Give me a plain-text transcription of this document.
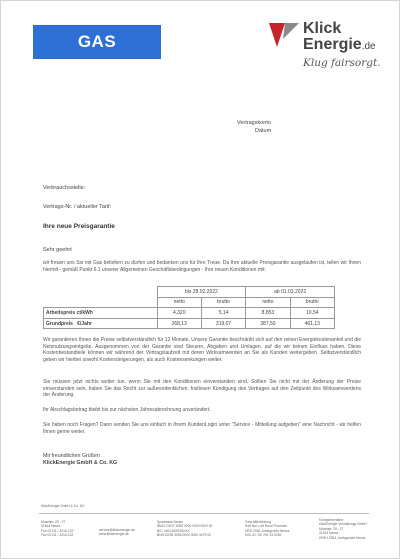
GAS
Klick
Energie.de
Klug fairsorgt.
Vertragskonto
Datum
Verbrauchsstelle:
Vertrags-Nr. / aktueller Tarif:
Ihre neue Preisgarantie
Sehr geehrt
wir freuen uns Sie mit Gas beliefern zu dürfen und bedanken uns für Ihre Treue. Da Ihre aktuelle Preisgarantie ausgelaufen ist, teilen wir Ihnen hiermit - gemäß Punkt 6.1 unserer Allgemeinen Geschäftsbedingungen - Ihre neuen Konditionen mit:
	bis 28.02.2022		ab 01.03.2022	
	netto	brutto	netto	brutto
Arbeitspreis ct/kWh	4,320	5,14	8,853	10,54
Grundpreis   €/Jahr	268,13	319,07	387,50	461,13
Wir garantieren Ihnen die Preise selbstverständlich für 12 Monate. Unsere Garantie beschränkt sich auf den reinen Energiekostenanteil und die Netznutzungsentgelte. Ausgenommen von der Garantie sind Steuern, Abgaben und Umlagen, auf die wir keinen Einfluss haben. Diese Kostenbestandteile können wir während der Vertragslaufzeit mit deren Wirksamwerden an Sie als Kunden weitergeben. Selbstverständlich geben wir hierbei sowohl Kostensteigerungen, als auch Kostensenkungen weiter.
Sie müssen jetzt nichts weiter tun, wenn Sie mit den Konditionen einverstanden sind. Sollten Sie nicht mit der Änderung der Preise einverstanden sein, haben Sie das Recht zur außerordentlichen, fristlosen Kündigung des Vertrages auf den Zeitpunkt des Wirksamwerdens der Änderung.
Ihr Abschlagsbetrag bleibt bis zur nächsten Jahresabrechnung unverändert.
Sie haben noch Fragen? Dann senden Sie uns einfach in Ihrem KundenLogin unter "Service - Mitteilung aufgeben" eine Nachricht - wir helfen Ihnen gerne weiter.
Mit freundlichen Grüßen
KlickEnergie GmbH & Co. KG
KlickEnergie GmbH & Co. KG
Moselstr. 25 - 27
41464 Neuss
Fon 02131 / 3216-122
Fax 02131 / 3216-122
service@klickenergie.de
www.klickenergie.de
Sparkasse Neuss
IBAN: DE47 3055 0000 0000 0000 00
BIC: WELADEDNXXX
BNN-DE35 3055 0000 0000 4479 00
Geschäftsführung
Ralf Nol, Leif Ruud Thomsen
HRA 7258, Amtsgericht Neuss
USt.-ID: DE 291 15 0252
Komplementärin:
KlickEnergie Verwaltungs GmbH
Moselstr. 25 - 27
41464 Neuss
HRB 17983, Amtsgericht Neuss
